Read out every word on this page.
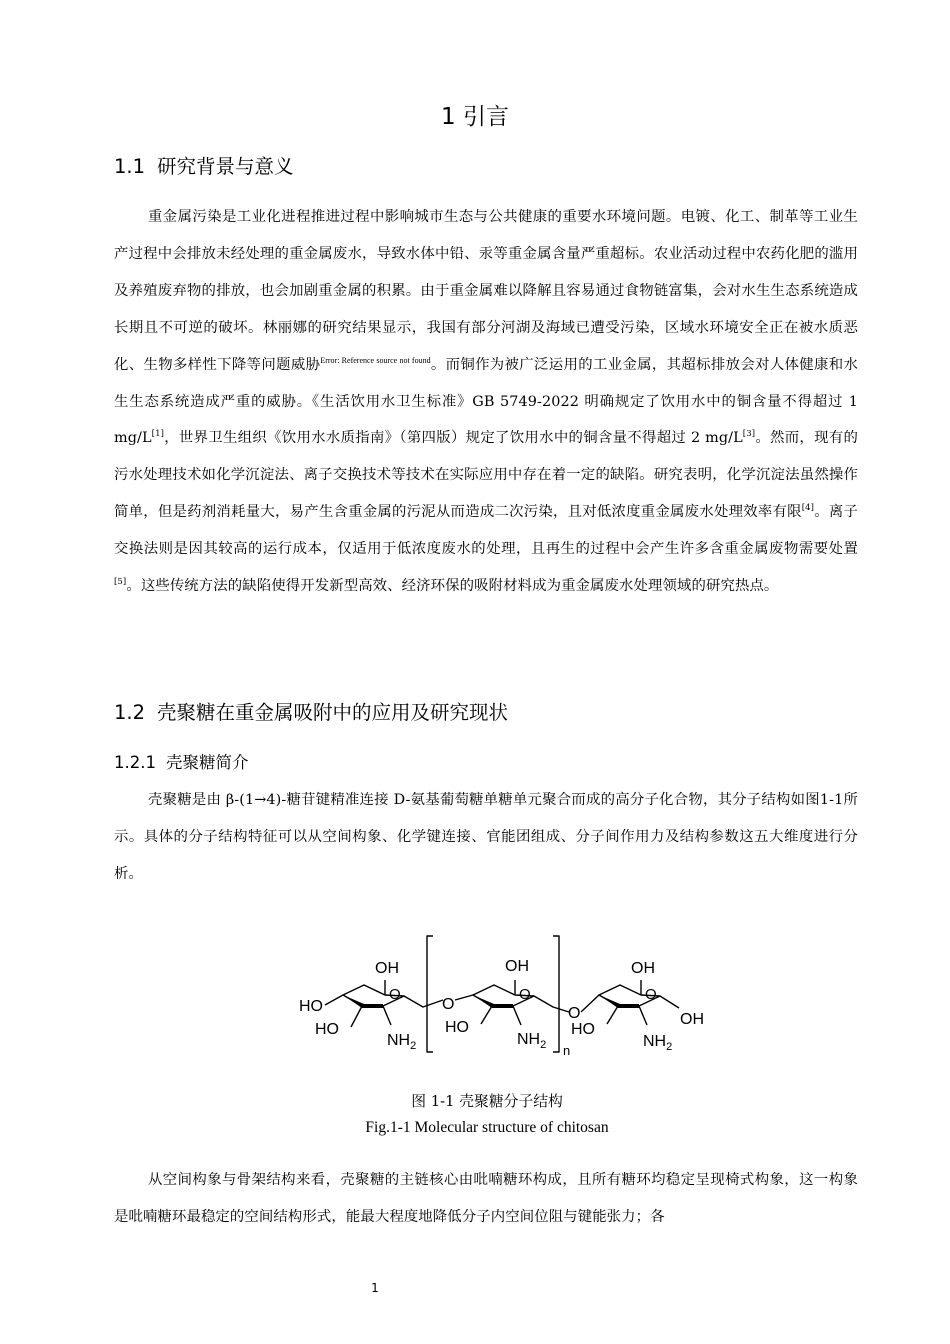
1 引言
1.1 研究背景与意义

重金属污染是工业化进程推进过程中影响城市生态与公共健康的重要水环境问题。电镀、化工、制革等工业生产过程中会排放未经处理的重金属废水，导致水体中铅、汞等重金属含量严重超标。农业活动过程中农药化肥的滥用及养殖废弃物的排放，也会加剧重金属的积累。由于重金属难以降解且容易通过食物链富集，会对水生生态系统造成长期且不可逆的破坏。林丽娜的研究结果显示，我国有部分河湖及海域已遭受污染，区域水环境安全正在被水质恶化、生物多样性下降等问题威胁$^{Error: Reference source not found}$。而铜作为被广泛运用的工业金属，其超标排放会对人体健康和水生生态系统造成严重的威胁。《生活饮用水卫生标准》GB 5749-2022 明确规定了饮用水中的铜含量不得超过 1 mg/L[1]，世界卫生组织《饮用水水质指南》（第四版）规定了饮用水中的铜含量不得超过 2 mg/L[3]。然而，现有的污水处理技术如化学沉淀法、离子交换技术等技术在实际应用中存在着一定的缺陷。研究表明，化学沉淀法虽然操作简单，但是药剂消耗量大，易产生含重金属的污泥从而造成二次污染，且对低浓度重金属废水处理效率有限[4]。离子交换法则是因其较高的运行成本，仅适用于低浓度废水的处理，且再生的过程中会产生许多含重金属废物需要处置[5]。这些传统方法的缺陷使得开发新型高效、经济环保的吸附材料成为重金属废水处理领域的研究热点。

1.2 壳聚糖在重金属吸附中的应用及研究现状
1.2.1 壳聚糖简介

壳聚糖是由 β-(1→4)-糖苷键精准连接 D-氨基葡萄糖单糖单元聚合而成的高分子化合物，其分子结构如图1-1所示。具体的分子结构特征可以从空间构象、化学键连接、官能团组成、分子间作用力及结构参数这五大维度进行分析。

OH
HO
HO
O
$NH_2$
O
OH
O
HO
$NH_2$ n
O
OH
O
HO
OH
$NH_2$
图 1-1 壳聚糖分子结构
Fig.1-1 Molecular structure of chitosan

从空间构象与骨架结构来看，壳聚糖的主链核心由吡喃糖环构成，且所有糖环均稳定呈现椅式构象，这一构象是吡喃糖环最稳定的空间结构形式，能最大程度地降低分子内空间位阻与键能张力；各

1
